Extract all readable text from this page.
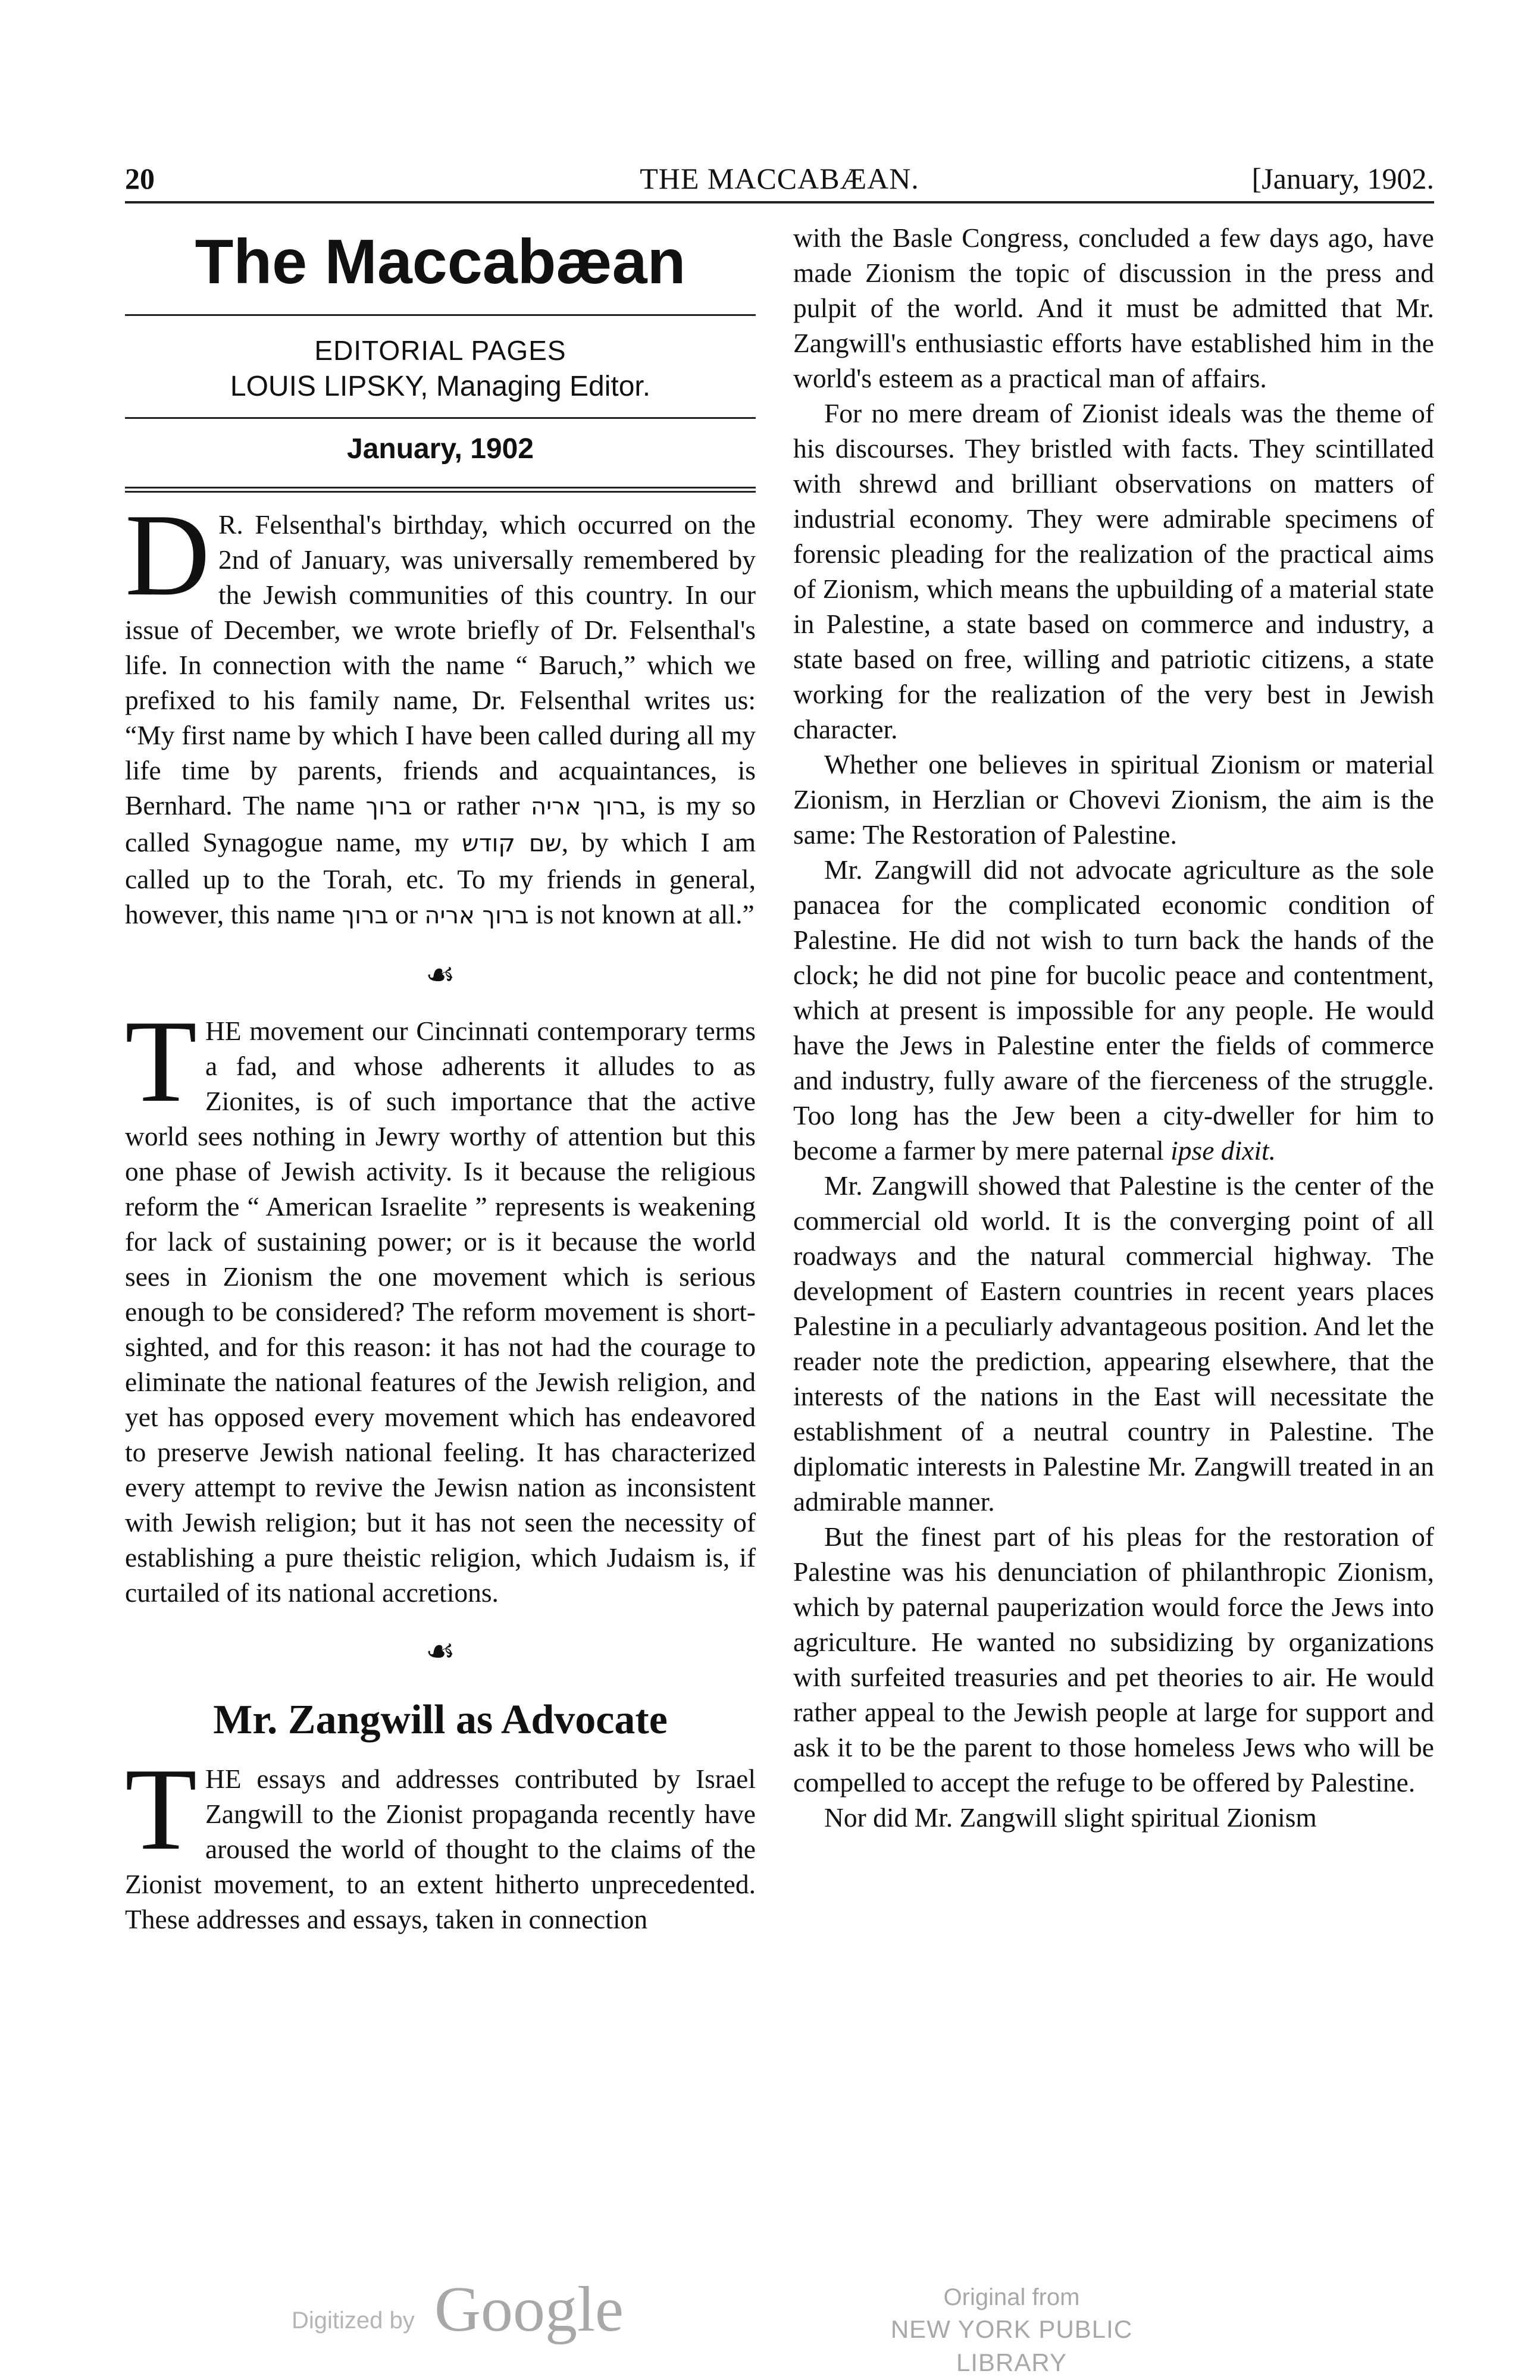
20	THE MACCABÆAN.	[January, 1902.
The Maccabæan
EDITORIAL PAGES
LOUIS LIPSKY, Managing Editor.
January, 1902

D R. Felsenthal's birthday, which occurred on the 2nd of January, was universally remembered by the Jewish communities of this country. In our issue of December, we wrote briefly of Dr. Felsenthal's life. In connection with the name “ Baruch,” which we prefixed to his family name, Dr. Felsenthal writes us: “My first name by which I have been called during all my life time by parents, friends and acquaintances, is Bernhard. The name ברוך or rather ברוך אריה, is my so called Synagogue name, my שם קודש, by which I am called up to the Torah, etc. To my friends in general, however, this name ברוך or ברוך אריה is not known at all.”

☙

THE movement our Cincinnati contemporary terms a fad, and whose adherents it alludes to as Zionites, is of such importance that the active world sees nothing in Jewry worthy of attention but this one phase of Jewish activity. Is it because the religious reform the “ American Israelite ” represents is weakening for lack of sustaining power; or is it because the world sees in Zionism the one movement which is serious enough to be considered? The reform movement is shortsighted, and for this reason: it has not had the courage to eliminate the national features of the Jewish religion, and yet has opposed every movement which has endeavored to preserve Jewish national feeling. It has characterized every attempt to revive the Jewisn nation as inconsistent with Jewish religion; but it has not seen the necessity of establishing a pure theistic religion, which Judaism is, if curtailed of its national accretions.

☙
Mr. Zangwill as Advocate

THE essays and addresses contributed by Israel Zangwill to the Zionist propaganda recently have aroused the world of thought to the claims of the Zionist movement, to an extent hitherto unprecedented. These addresses and essays, taken in connection

with the Basle Congress, concluded a few days ago, have made Zionism the topic of discussion in the press and pulpit of the world. And it must be admitted that Mr. Zangwill's enthusiastic efforts have established him in the world's esteem as a practical man of affairs.

For no mere dream of Zionist ideals was the theme of his discourses. They bristled with facts. They scintillated with shrewd and brilliant observations on matters of industrial economy. They were admirable specimens of forensic pleading for the realization of the practical aims of Zionism, which means the upbuilding of a material state in Palestine, a state based on commerce and industry, a state based on free, willing and patriotic citizens, a state working for the realization of the very best in Jewish character.

Whether one believes in spiritual Zionism or material Zionism, in Herzlian or Chovevi Zionism, the aim is the same: The Restoration of Palestine.

Mr. Zangwill did not advocate agriculture as the sole panacea for the complicated economic condition of Palestine. He did not wish to turn back the hands of the clock; he did not pine for bucolic peace and contentment, which at present is impossible for any people. He would have the Jews in Palestine enter the fields of commerce and industry, fully aware of the fierceness of the struggle. Too long has the Jew been a city-dweller for him to become a farmer by mere paternal ipse dixit.

Mr. Zangwill showed that Palestine is the center of the commercial old world. It is the converging point of all roadways and the natural commercial highway. The development of Eastern countries in recent years places Palestine in a peculiarly advantageous position. And let the reader note the prediction, appearing elsewhere, that the interests of the nations in the East will necessitate the establishment of a neutral country in Palestine. The diplomatic interests in Palestine Mr. Zangwill treated in an admirable manner.

But the finest part of his pleas for the restoration of Palestine was his denunciation of philanthropic Zionism, which by paternal pauperization would force the Jews into agriculture. He wanted no subsidizing by organizations with surfeited treasuries and pet theories to air. He would rather appeal to the Jewish people at large for support and ask it to be the parent to those homeless Jews who will be compelled to accept the refuge to be offered by Palestine.

Nor did Mr. Zangwill slight spiritual Zionism

Digitized by Google	Original from
NEW YORK PUBLIC LIBRARY
